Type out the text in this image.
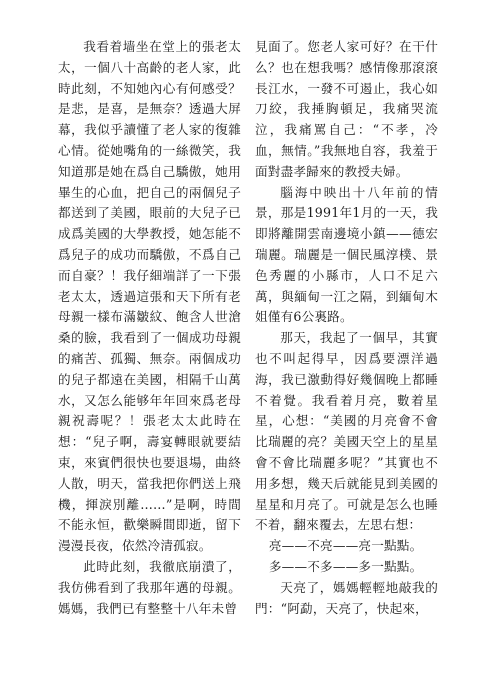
我看着墙坐在堂上的張老太太，一個八十高齡的老人家，此時此刻，不知她內心有何感受？是悲，是喜，是無奈？透過大屏幕，我似乎讀懂了老人家的復雜心情。從她嘴角的一絲微笑，我知道那是她在爲自己驕傲，她用畢生的心血，把自己的兩個兒子都送到了美國，眼前的大兒子已成爲美國的大學教授，她怎能不爲兒子的成功而驕傲，不爲自己而自豪？！我仔細端詳了一下張老太太，透過這張和天下所有老母親一樣布滿皺紋、飽含人世滄桑的臉，我看到了一個成功母親的痛苦、孤獨、無奈。兩個成功的兒子都遠在美國，相隔千山萬水，又怎么能够年年回來爲老母親祝壽呢？！張老太太此時在想：“兒子啊，壽宴轉眼就要結束，來賓們很快也要退場，曲終人散，明天，當我把你們送上飛機，揮淚別離……”是啊，時間不能永恒，歡樂瞬間即逝，留下漫漫長夜，依然冷清孤寂。

此時此刻，我徹底崩潰了，我仿佛看到了我那年邁的母親。媽媽，我們已有整整十八年未曾

見面了。您老人家可好？在干什么？也在想我嗎？感情像那滾滾長江水，一發不可遏止，我心如刀絞，我捶胸頓足，我痛哭流泣，我痛罵自己：“不孝，冷血，無情。”我無地自容，我羞于面對盡孝歸來的教授夫婦。

腦海中映出十八年前的情景，那是1991年1月的一天，我即將離開雲南邊境小鎮——德宏瑞麗。瑞麗是一個民風淳樸、景色秀麗的小縣市，人口不足六萬，與緬甸一江之隔，到緬甸木姐僅有6公裏路。

那天，我起了一個早，其實也不叫起得早，因爲要漂洋過海，我已激動得好幾個晚上都睡不着覺。我看着月亮，數着星星，心想：“美國的月亮會不會比瑞麗的亮？美國天空上的星星會不會比瑞麗多呢？”其實也不用多想，幾天后就能見到美國的星星和月亮了。可就是怎么也睡不着，翻來覆去，左思右想：

亮——不亮——亮一點點。

多——不多——多一點點。

天亮了，媽媽輕輕地敲我的門：“阿勐，天亮了，快起來，
